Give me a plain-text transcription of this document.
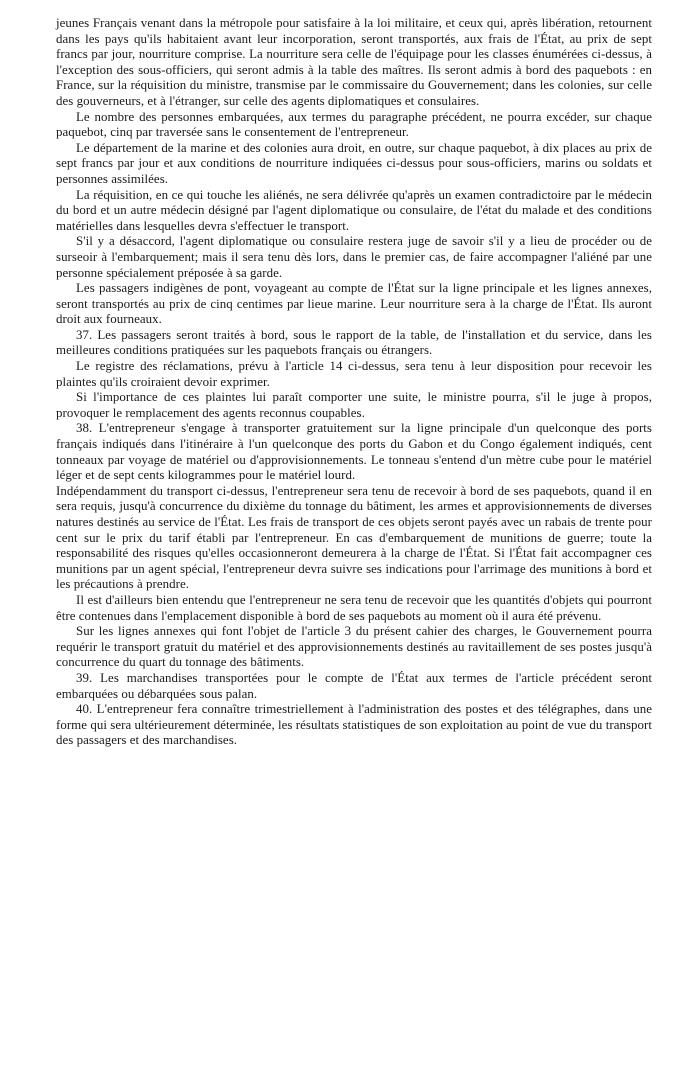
jeunes Français venant dans la métropole pour satisfaire à la loi militaire, et ceux qui, après libération, retournent dans les pays qu'ils habitaient avant leur incorporation, seront transportés, aux frais de l'État, au prix de sept francs par jour, nourriture comprise. La nourriture sera celle de l'équipage pour les classes énumérées ci-dessus, à l'exception des sous-officiers, qui seront admis à la table des maîtres. Ils seront admis à bord des paquebots : en France, sur la réquisition du ministre, transmise par le commissaire du Gouvernement; dans les colonies, sur celle des gouverneurs, et à l'étranger, sur celle des agents diplomatiques et consulaires.

Le nombre des personnes embarquées, aux termes du paragraphe précédent, ne pourra excéder, sur chaque paquebot, cinq par traversée sans le consentement de l'entrepreneur.

Le département de la marine et des colonies aura droit, en outre, sur chaque paquebot, à dix places au prix de sept francs par jour et aux conditions de nourriture indiquées ci-dessus pour sous-officiers, marins ou soldats et personnes assimilées.

La réquisition, en ce qui touche les aliénés, ne sera délivrée qu'après un examen contradictoire par le médecin du bord et un autre médecin désigné par l'agent diplomatique ou consulaire, de l'état du malade et des conditions matérielles dans lesquelles devra s'effectuer le transport.

S'il y a désaccord, l'agent diplomatique ou consulaire restera juge de savoir s'il y a lieu de procéder ou de surseoir à l'embarquement; mais il sera tenu dès lors, dans le premier cas, de faire accompagner l'aliéné par une personne spécialement préposée à sa garde.

Les passagers indigènes de pont, voyageant au compte de l'État sur la ligne principale et les lignes annexes, seront transportés au prix de cinq centimes par lieue marine. Leur nourriture sera à la charge de l'État. Ils auront droit aux fourneaux.

37. Les passagers seront traités à bord, sous le rapport de la table, de l'installation et du service, dans les meilleures conditions pratiquées sur les paquebots français ou étrangers.

Le registre des réclamations, prévu à l'article 14 ci-dessus, sera tenu à leur disposition pour recevoir les plaintes qu'ils croiraient devoir exprimer.

Si l'importance de ces plaintes lui paraît comporter une suite, le ministre pourra, s'il le juge à propos, provoquer le remplacement des agents reconnus coupables.

38. L'entrepreneur s'engage à transporter gratuitement sur la ligne principale d'un quelconque des ports français indiqués dans l'itinéraire à l'un quelconque des ports du Gabon et du Congo également indiqués, cent tonneaux par voyage de matériel ou d'approvisionnements. Le tonneau s'entend d'un mètre cube pour le matériel léger et de sept cents kilogrammes pour le matériel lourd.

Indépendamment du transport ci-dessus, l'entrepreneur sera tenu de recevoir à bord de ses paquebots, quand il en sera requis, jusqu'à concurrence du dixième du tonnage du bâtiment, les armes et approvisionnements de diverses natures destinés au service de l'État. Les frais de transport de ces objets seront payés avec un rabais de trente pour cent sur le prix du tarif établi par l'entrepreneur. En cas d'embarquement de munitions de guerre; toute la responsabilité des risques qu'elles occasionneront demeurera à la charge de l'État. Si l'État fait accompagner ces munitions par un agent spécial, l'entrepreneur devra suivre ses indications pour l'arrimage des munitions à bord et les précautions à prendre.

Il est d'ailleurs bien entendu que l'entrepreneur ne sera tenu de recevoir que les quantités d'objets qui pourront être contenues dans l'emplacement disponible à bord de ses paquebots au moment où il aura été prévenu.

Sur les lignes annexes qui font l'objet de l'article 3 du présent cahier des charges, le Gouvernement pourra requérir le transport gratuit du matériel et des approvisionnements destinés au ravitaillement de ses postes jusqu'à concurrence du quart du tonnage des bâtiments.

39. Les marchandises transportées pour le compte de l'État aux termes de l'article précédent seront embarquées ou débarquées sous palan.

40. L'entrepreneur fera connaître trimestriellement à l'administration des postes et des télégraphes, dans une forme qui sera ultérieurement déterminée, les résultats statistiques de son exploitation au point de vue du transport des passagers et des marchandises.
